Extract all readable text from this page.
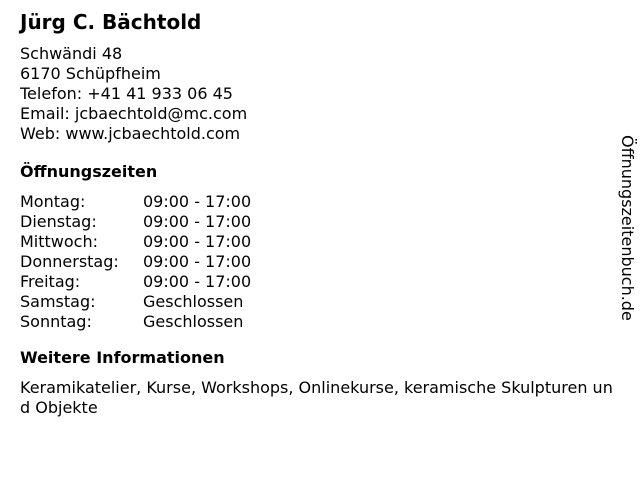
Jürg C. Bächtold
Schwändi 48
6170 Schüpfheim
Telefon: +41 41 933 06 45
Email: jcbaechtold@mc.com
Web: www.jcbaechtold.com
Öffnungszeiten
Montag:	09:00 - 17:00
Dienstag:	09:00 - 17:00
Mittwoch:	09:00 - 17:00
Donnerstag:	09:00 - 17:00
Freitag:	09:00 - 17:00
Samstag:	Geschlossen
Sonntag:	Geschlossen
Weitere Informationen
Keramikatelier, Kurse, Workshops, Onlinekurse, keramische Skulpturen und Objekte
Öffnungszeitenbuch.de
